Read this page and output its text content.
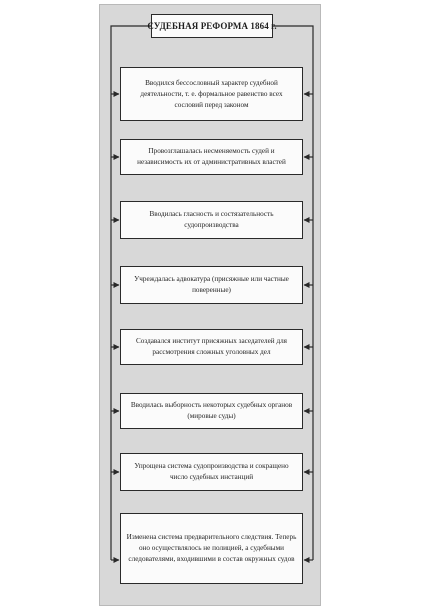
СУДЕБНАЯ РЕФОРМА 1864 г.
Вводился бессословный характер судебной деятельности, т. е. формальное равенство всех сословий перед законом
Провозглашалась несменяемость судей и независимость их от административных властей
Вводилась гласность и состязательность судопроизводства
Учреждалась адвокатура (присяжные или частные поверенные)
Создавался институт присяжных заседателей для рассмотрения сложных уголовных дел
Вводилась выборность некоторых судебных органов (мировые суды)
Упрощена система судопроизводства и сокращено число судебных инстанций
Изменена система предварительного следствия. Теперь оно осуществлялось не полицией, а судебными следователями, входившими в состав окружных судов
